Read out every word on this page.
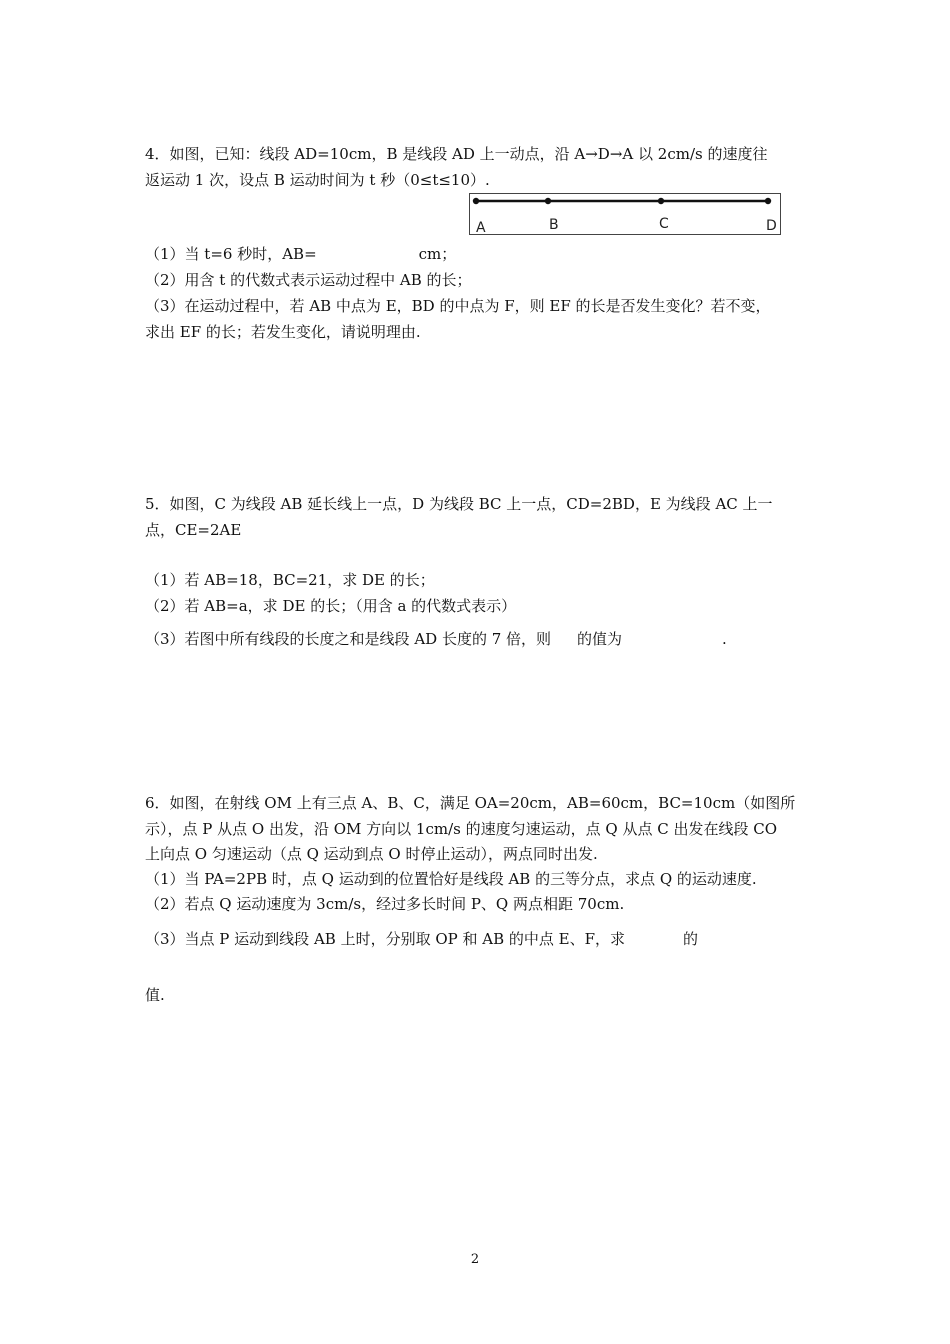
4．如图，已知：线段 AD=10cm，B 是线段 AD 上一动点，沿 A→D→A 以 2cm/s 的速度往
返运动 1 次，设点 B 运动时间为 t 秒（0≤t≤10）.
A	B	C	D
（1）当 t=6 秒时，AB=	cm；
（2）用含 t 的代数式表示运动过程中 AB 的长；
（3）在运动过程中，若 AB 中点为 E，BD 的中点为 F，则 EF 的长是否发生变化？若不变，
求出 EF 的长；若发生变化，请说明理由.
5．如图，C 为线段 AB 延长线上一点，D 为线段 BC 上一点，CD=2BD，E 为线段 AC 上一
点，CE=2AE
（1）若 AB=18，BC=21，求 DE 的长；
（2）若 AB=a，求 DE 的长；（用含 a 的代数式表示）
（3）若图中所有线段的长度之和是线段 AD 长度的 7 倍，则 的值为	.
6．如图，在射线 OM 上有三点 A、B、C，满足 OA=20cm，AB=60cm，BC=10cm（如图所
示），点 P 从点 O 出发，沿 OM 方向以 1cm/s 的速度匀速运动，点 Q 从点 C 出发在线段 CO
上向点 O 匀速运动（点 Q 运动到点 O 时停止运动），两点同时出发.
（1）当 PA=2PB 时，点 Q 运动到的位置恰好是线段 AB 的三等分点，求点 Q 的运动速度.
（2）若点 Q 运动速度为 3cm/s，经过多长时间 P、Q 两点相距 70cm.
（3）当点 P 运动到线段 AB 上时，分别取 OP 和 AB 的中点 E、F，求	的
值.
2
